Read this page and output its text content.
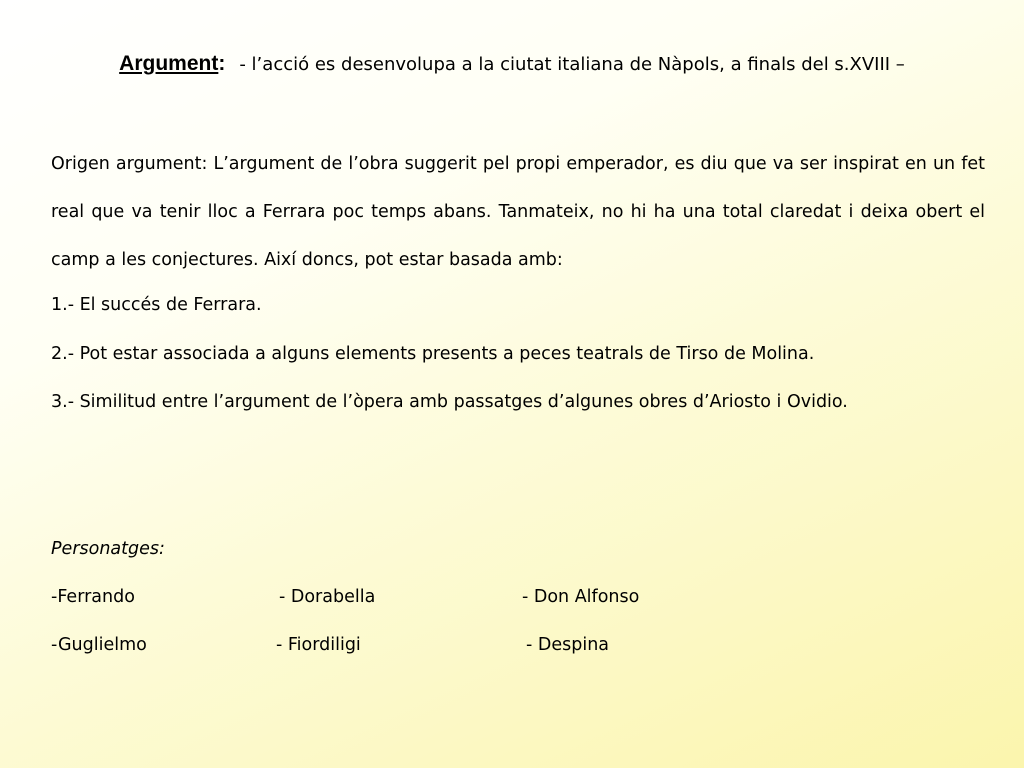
Argument: - l’acció es desenvolupa a la ciutat italiana de Nàpols, a finals del s.XVIII –
Origen argument: L’argument de l’obra suggerit pel propi emperador, es diu que va ser inspirat en un fet real que va tenir lloc a Ferrara poc temps abans. Tanmateix, no hi ha una total claredat i deixa obert el camp a les conjectures. Així doncs, pot estar basada amb:
1.- El succés de Ferrara.
2.- Pot estar associada a alguns elements presents a peces teatrals de Tirso de Molina.
3.- Similitud entre l’argument de l’òpera amb passatges d’algunes obres d’Ariosto i Ovidio.
Personatges:
-Ferrando	- Dorabella	- Don Alfonso
-Guglielmo	- Fiordiligi	- Despina
